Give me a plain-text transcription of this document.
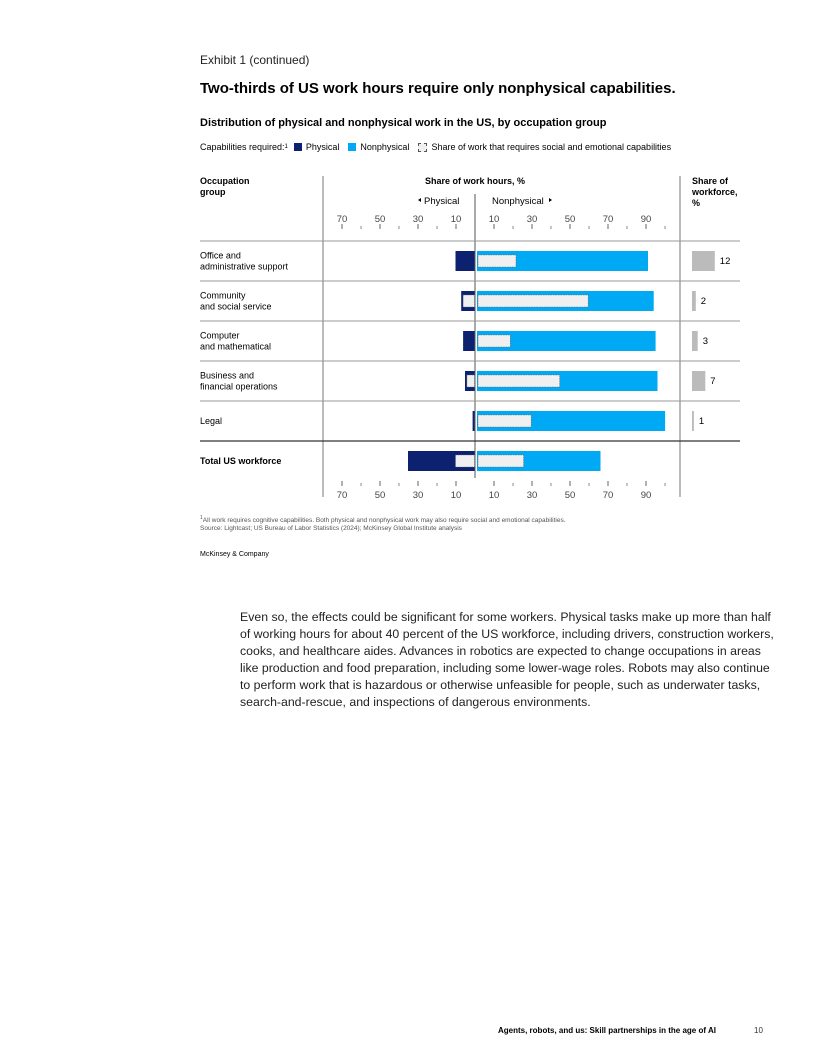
Exhibit 1 (continued)
Two-thirds of US work hours require only nonphysical capabilities.
Distribution of physical and nonphysical work in the US, by occupation group
Capabilities required: 1 Physical Nonphysical Share of work that requires social and emotional capabilities
Occupation
group
Share of work hours, %	Share of
workforce,
%
Physical	Nonphysical
70	50	30	10	10	30	50	70	90
70	50	30	10	10	30	50	70	90
Office and
administrative support	12
Community
and social service	2
Computer
and mathematical	3
Business and
financial operations	7
Legal	1
Total US workforce
$^1$All work requires cognitive capabilities. Both physical and nonphysical work may also require social and emotional capabilities.
Source: Lightcast; US Bureau of Labor Statistics (2024); McKinsey Global Institute analysis
McKinsey & Company
Even so, the effects could be significant for some workers. Physical tasks make up more than half of working hours for about 40 percent of the US workforce, including drivers, construction workers, cooks, and healthcare aides. Advances in robotics are expected to change occupations in areas like production and food preparation, including some lower-wage roles. Robots may also continue to perform work that is hazardous or otherwise unfeasible for people, such as underwater tasks, search-and-rescue, and inspections of dangerous environments.
Agents, robots, and us: Skill partnerships in the age of AI	10
